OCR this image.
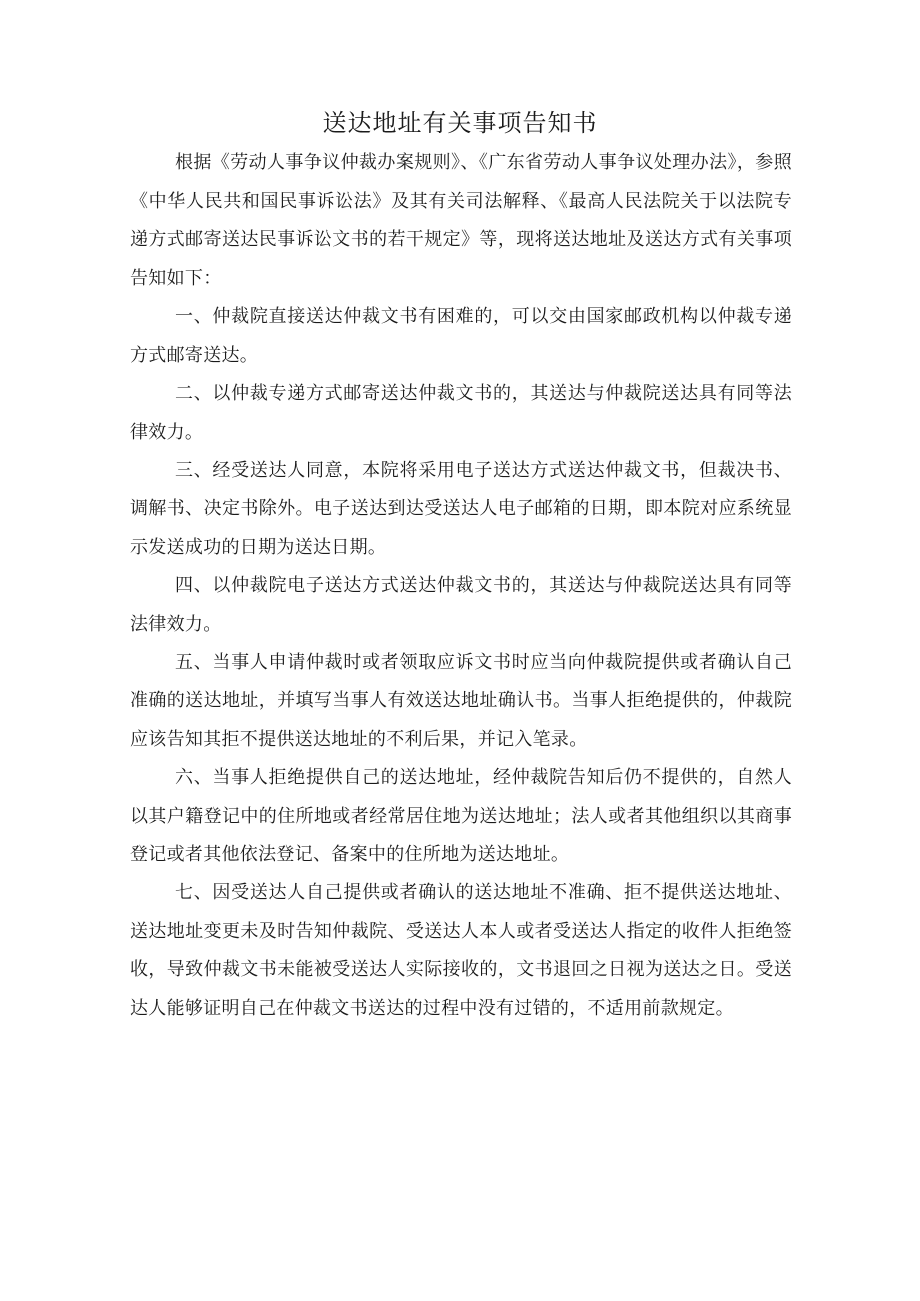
送达地址有关事项告知书

根据《劳动人事争议仲裁办案规则》、《广东省劳动人事争议处理办法》，参照《中华人民共和国民事诉讼法》及其有关司法解释、《最高人民法院关于以法院专递方式邮寄送达民事诉讼文书的若干规定》等，现将送达地址及送达方式有关事项告知如下：

一、仲裁院直接送达仲裁文书有困难的，可以交由国家邮政机构以仲裁专递方式邮寄送达。

二、以仲裁专递方式邮寄送达仲裁文书的，其送达与仲裁院送达具有同等法律效力。

三、经受送达人同意，本院将采用电子送达方式送达仲裁文书，但裁决书、调解书、决定书除外。电子送达到达受送达人电子邮箱的日期，即本院对应系统显示发送成功的日期为送达日期。

四、以仲裁院电子送达方式送达仲裁文书的，其送达与仲裁院送达具有同等法律效力。

五、当事人申请仲裁时或者领取应诉文书时应当向仲裁院提供或者确认自己准确的送达地址，并填写当事人有效送达地址确认书。当事人拒绝提供的，仲裁院应该告知其拒不提供送达地址的不利后果，并记入笔录。

六、当事人拒绝提供自己的送达地址，经仲裁院告知后仍不提供的，自然人以其户籍登记中的住所地或者经常居住地为送达地址；法人或者其他组织以其商事登记或者其他依法登记、备案中的住所地为送达地址。

七、因受送达人自己提供或者确认的送达地址不准确、拒不提供送达地址、送达地址变更未及时告知仲裁院、受送达人本人或者受送达人指定的收件人拒绝签收，导致仲裁文书未能被受送达人实际接收的，文书退回之日视为送达之日。受送达人能够证明自己在仲裁文书送达的过程中没有过错的，不适用前款规定。
